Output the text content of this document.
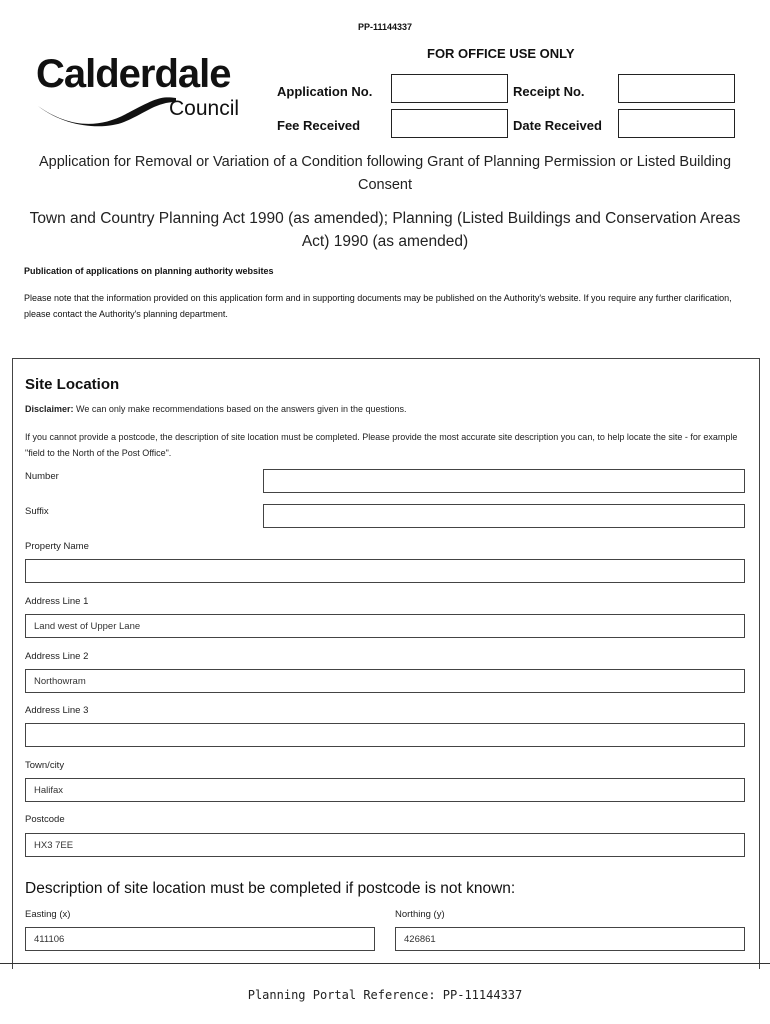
PP-11144337
Calderdale
Council
FOR OFFICE USE ONLY
Application No.	Receipt No.
Fee Received	Date Received
Application for Removal or Variation of a Condition following Grant of Planning Permission or Listed Building Consent
Town and Country Planning Act 1990 (as amended); Planning (Listed Buildings and Conservation Areas Act) 1990 (as amended)
Publication of applications on planning authority websites
Please note that the information provided on this application form and in supporting documents may be published on the Authority's website. If you require any further clarification, please contact the Authority's planning department.
Site Location
Disclaimer: We can only make recommendations based on the answers given in the questions.
If you cannot provide a postcode, the description of site location must be completed. Please provide the most accurate site description you can, to help locate the site - for example "field to the North of the Post Office".
Number
Suffix
Property Name
Address Line 1
Land west of Upper Lane
Address Line 2
Northowram
Address Line 3
Town/city
Halifax
Postcode
HX3 7EE
Description of site location must be completed if postcode is not known:
Easting (x)
411106
Northing (y)
426861
Planning Portal Reference: PP-11144337
